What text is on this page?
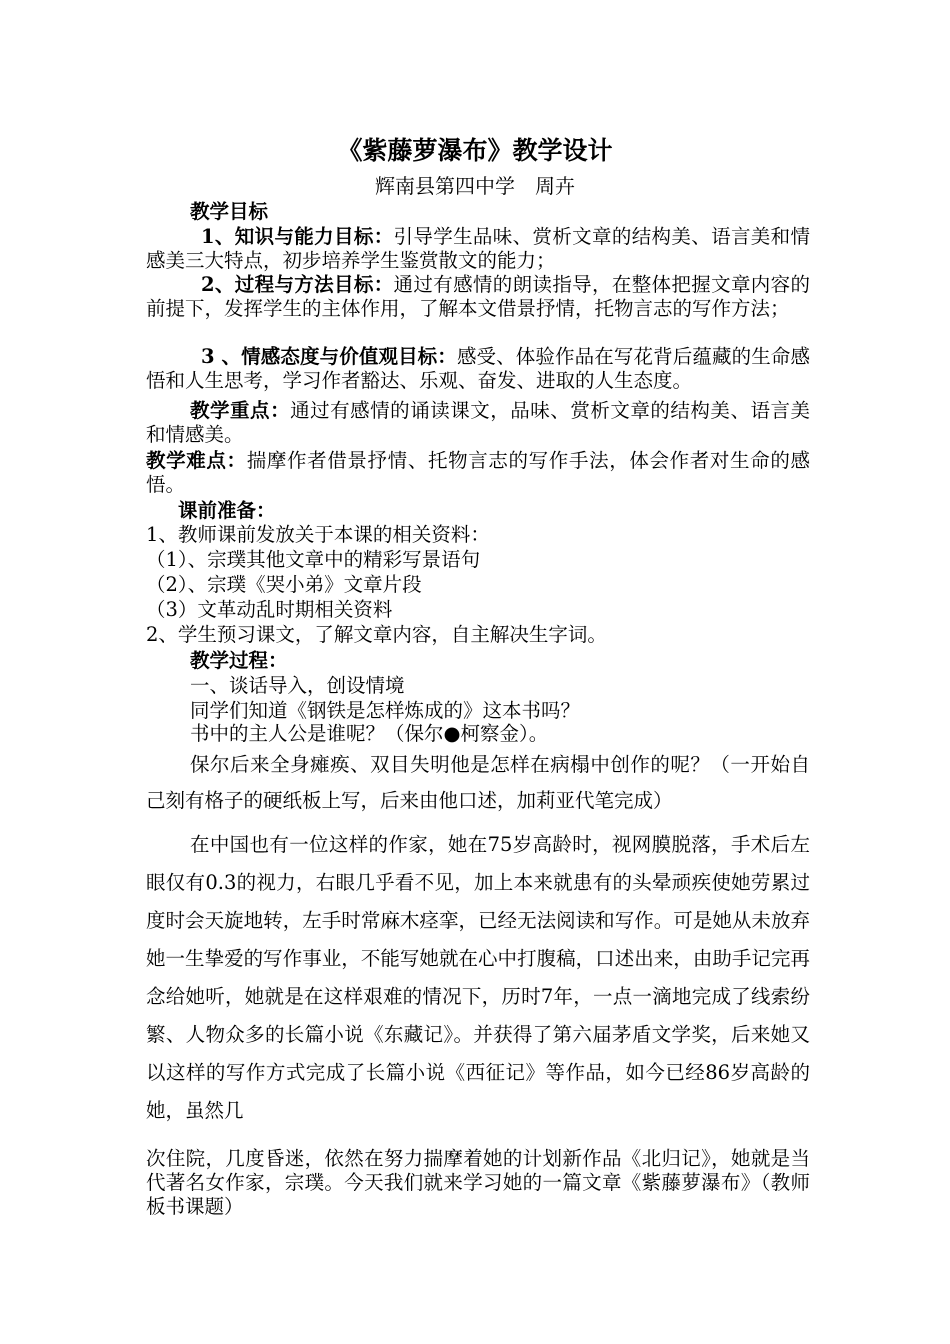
《紫藤萝瀑布》教学设计
辉南县第四中学　周卉
教学目标
1、知识与能力目标：引导学生品味、赏析文章的结构美、语言美和情感美三大特点，初步培养学生鉴赏散文的能力；
2、过程与方法目标：通过有感情的朗读指导，在整体把握文章内容的前提下，发挥学生的主体作用，了解本文借景抒情，托物言志的写作方法；
3 、情感态度与价值观目标：感受、体验作品在写花背后蕴藏的生命感悟和人生思考，学习作者豁达、乐观、奋发、进取的人生态度。
教学重点：通过有感情的诵读课文，品味、赏析文章的结构美、语言美和情感美。
教学难点：揣摩作者借景抒情、托物言志的写作手法，体会作者对生命的感悟。
课前准备：
1、教师课前发放关于本课的相关资料：
（1）、宗璞其他文章中的精彩写景语句
（2）、宗璞《哭小弟》文章片段
（3）文革动乱时期相关资料
2、学生预习课文，了解文章内容，自主解决生字词。
教学过程：
一、谈话导入，创设情境
同学们知道《钢铁是怎样炼成的》这本书吗？
书中的主人公是谁呢？（保尔●柯察金）。
保尔后来全身瘫痪、双目失明他是怎样在病榻中创作的呢？（一开始自己刻有格子的硬纸板上写，后来由他口述，加莉亚代笔完成）
在中国也有一位这样的作家，她在75岁高龄时，视网膜脱落，手术后左眼仅有0.3的视力，右眼几乎看不见，加上本来就患有的头晕顽疾使她劳累过度时会天旋地转，左手时常麻木痉挛，已经无法阅读和写作。可是她从未放弃她一生挚爱的写作事业，不能写她就在心中打腹稿，口述出来，由助手记完再念给她听，她就是在这样艰难的情况下，历时7年，一点一滴地完成了线索纷繁、人物众多的长篇小说《东藏记》。并获得了第六届茅盾文学奖，后来她又以这样的写作方式完成了长篇小说《西征记》等作品，如今已经86岁高龄的她，虽然几
次住院，几度昏迷，依然在努力揣摩着她的计划新作品《北归记》，她就是当代著名女作家，宗璞。今天我们就来学习她的一篇文章《紫藤萝瀑布》（教师板书课题）
